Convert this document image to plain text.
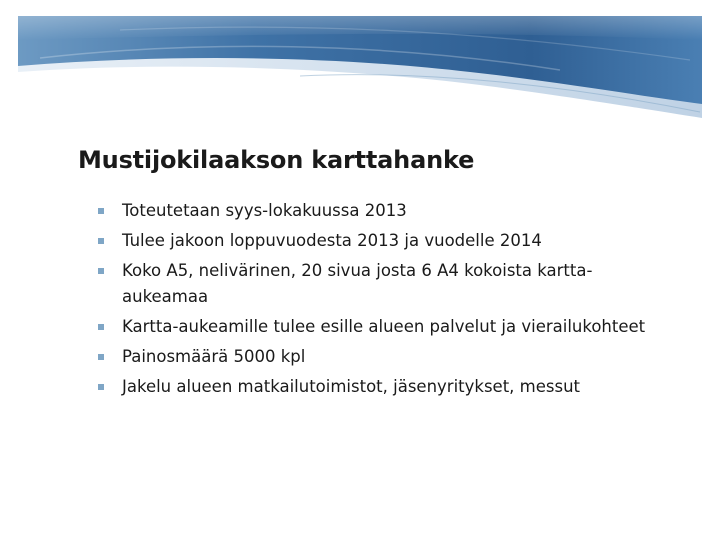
Mustijokilaakson karttahanke
Toteutetaan syys-lokakuussa 2013
Tulee jakoon loppuvuodesta 2013 ja vuodelle 2014
Koko A5, nelivärinen, 20 sivua josta 6 A4 kokoista kartta-aukeamaa
Kartta-aukeamille tulee esille alueen palvelut ja vierailukohteet
Painosmäärä 5000 kpl
Jakelu alueen matkailutoimistot, jäsenyritykset, messut
